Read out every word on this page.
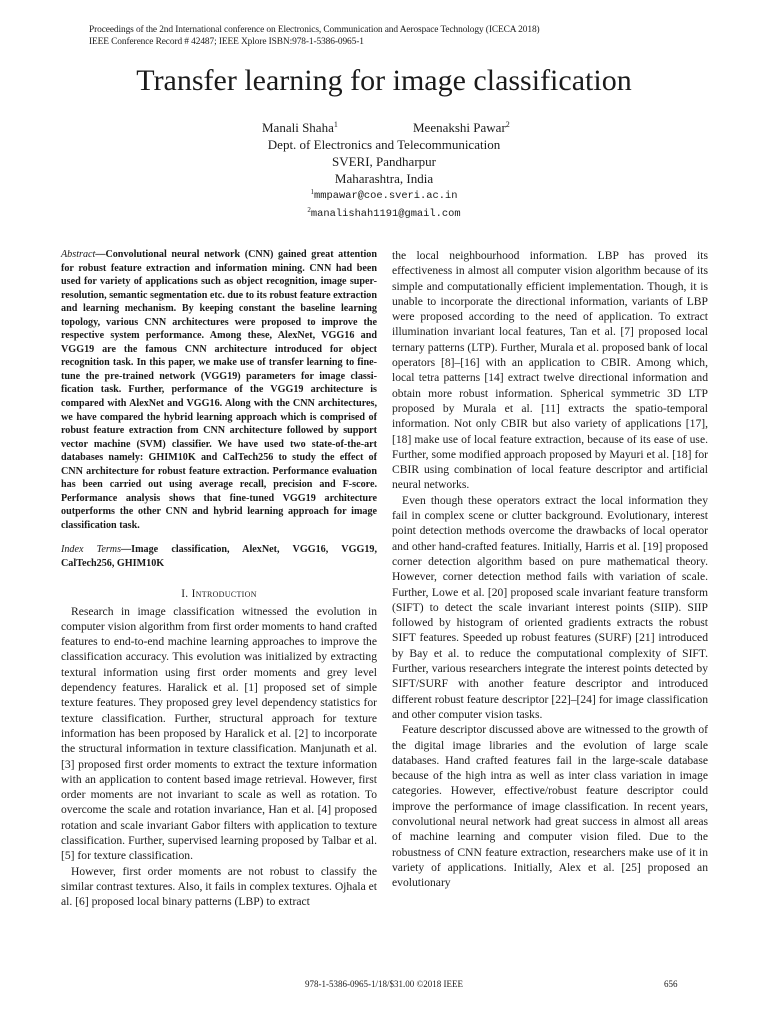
Proceedings of the 2nd International conference on Electronics, Communication and Aerospace Technology (ICECA 2018)
IEEE Conference Record # 42487; IEEE Xplore ISBN:978-1-5386-0965-1
Transfer learning for image classification
Manali Shaha$^1$	Meenakshi Pawar$^2$
Dept. of Electronics and Telecommunication
SVERI, Pandharpur
Maharashtra, India
$^1$mmpawar@coe.sveri.ac.in
$^2$manalishah1191@gmail.com

Abstract—Convolutional neural network (CNN) gained great attention for robust feature extraction and information mining. CNN had been used for variety of applications such as object recognition, image super-resolution, semantic segmentation etc. due to its robust feature extraction and learning mechanism. By keeping constant the baseline learning topology, various CNN architectures were proposed to improve the respective system performance. Among these, AlexNet, VGG16 and VGG19 are the famous CNN architecture introduced for object recognition task. In this paper, we make use of transfer learning to fine-tune the pre-trained network (VGG19) parameters for image classification task. Further, performance of the VGG19 architecture is compared with AlexNet and VGG16. Along with the CNN architectures, we have compared the hybrid learning approach which is comprised of robust feature extraction from CNN architecture followed by support vector machine (SVM) classifier. We have used two state-of-the-art databases namely: GHIM10K and CalTech256 to study the effect of CNN architecture for robust feature extraction. Performance evaluation has been carried out using average recall, precision and F-score. Performance analysis shows that fine-tuned VGG19 architecture outperforms the other CNN and hybrid learning approach for image classification task.

Index Terms—Image classification, AlexNet, VGG16, VGG19, CalTech256, GHIM10K

I. Introduction

Research in image classification witnessed the evolution in computer vision algorithm from first order moments to hand crafted features to end-to-end machine learning approaches to improve the classification accuracy. This evolution was initialized by extracting textural information using first order moments and grey level dependency features. Haralick et al. [1] proposed set of simple texture features. They proposed grey level dependency statistics for texture classification. Further, structural approach for texture information has been proposed by Haralick et al. [2] to incorporate the structural information in texture classification. Manjunath et al. [3] proposed first order moments to extract the texture information with an application to content based image retrieval. However, first order moments are not invariant to scale as well as rotation. To overcome the scale and rotation invariance, Han et al. [4] proposed rotation and scale invariant Gabor filters with application to texture classification. Further, supervised learning proposed by Talbar et al. [5] for texture classification.

However, first order moments are not robust to classify the similar contrast textures. Also, it fails in complex textures. Ojhala et al. [6] proposed local binary patterns (LBP) to extract

the local neighbourhood information. LBP has proved its effectiveness in almost all computer vision algorithm because of its simple and computationally efficient implementation. Though, it is unable to incorporate the directional information, variants of LBP were proposed according to the need of application. To extract illumination invariant local features, Tan et al. [7] proposed local ternary patterns (LTP). Further, Murala et al. proposed bank of local operators [8]–[16] with an application to CBIR. Among which, local tetra patterns [14] extract twelve directional information and obtain more robust information. Spherical symmetric 3D LTP proposed by Murala et al. [11] extracts the spatio-temporal information. Not only CBIR but also variety of applications [17], [18] make use of local feature extraction, because of its ease of use. Further, some modified approach proposed by Mayuri et al. [18] for CBIR using combination of local feature descriptor and artificial neural networks.

Even though these operators extract the local information they fail in complex scene or clutter background. Evolutionary, interest point detection methods overcome the drawbacks of local operator and other hand-crafted features. Initially, Harris et al. [19] proposed corner detection algorithm based on pure mathematical theory. However, corner detection method fails with variation of scale. Further, Lowe et al. [20] proposed scale invariant feature transform (SIFT) to detect the scale invariant interest points (SIIP). SIIP followed by histogram of oriented gradients extracts the robust SIFT features. Speeded up robust features (SURF) [21] introduced by Bay et al. to reduce the computational complexity of SIFT. Further, various researchers integrate the interest points detected by SIFT/SURF with another feature descriptor and introduced different robust feature descriptor [22]–[24] for image classification and other computer vision tasks.

Feature descriptor discussed above are witnessed to the growth of the digital image libraries and the evolution of large scale databases. Hand crafted features fail in the large-scale database because of the high intra as well as inter class variation in image categories. However, effective/robust feature descriptor could improve the performance of image classification. In recent years, convolutional neural network had great success in almost all areas of machine learning and computer vision filed. Due to the robustness of CNN feature extraction, researchers make use of it in variety of applications. Initially, Alex et al. [25] proposed an evolutionary

978-1-5386-0965-1/18/$31.00 ©2018 IEEE	656
